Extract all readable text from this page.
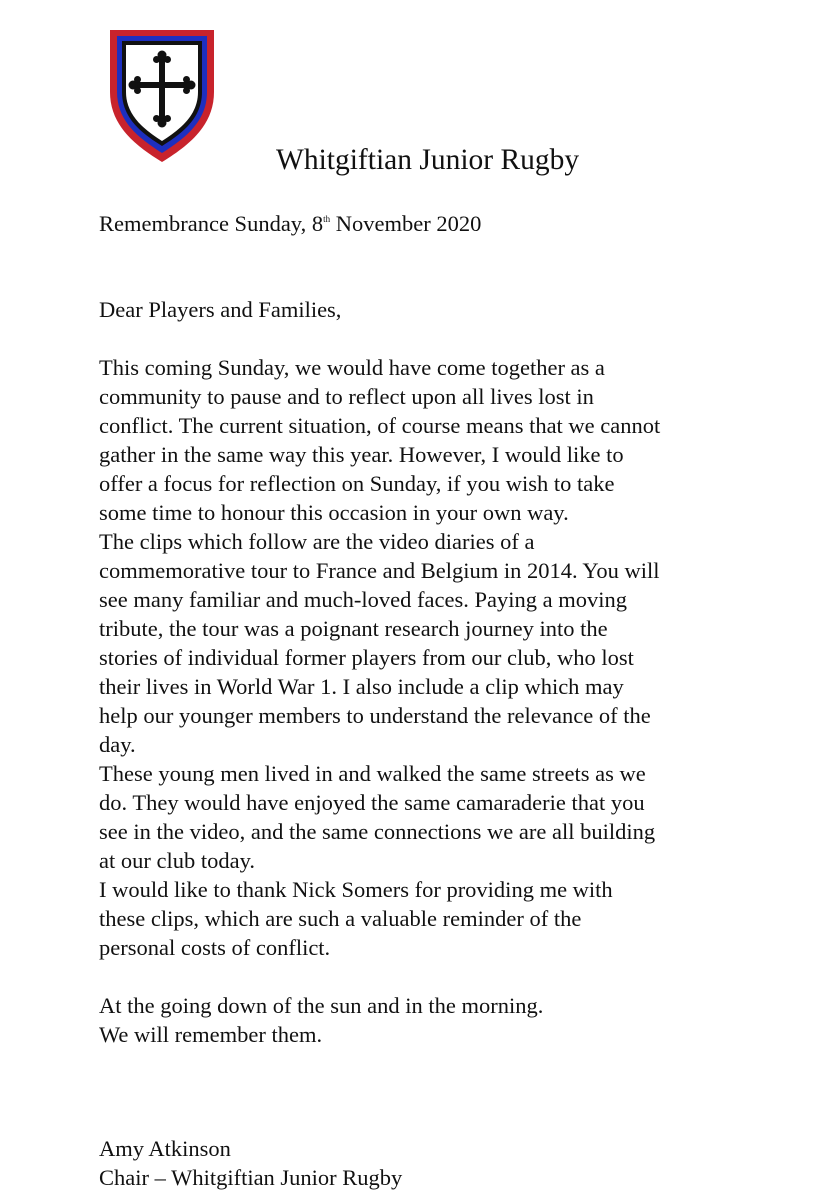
Whitgiftian Junior Rugby

Remembrance Sunday, 8th November 2020

Dear Players and Families,

This coming Sunday, we would have come together as a

community to pause and to reflect upon all lives lost in

conflict. The current situation, of course means that we cannot

gather in the same way this year. However, I would like to

offer a focus for reflection on Sunday, if you wish to take

some time to honour this occasion in your own way.

The clips which follow are the video diaries of a

commemorative tour to France and Belgium in 2014. You will

see many familiar and much-loved faces. Paying a moving

tribute, the tour was a poignant research journey into the

stories of individual former players from our club, who lost

their lives in World War 1. I also include a clip which may

help our younger members to understand the relevance of the

day.

These young men lived in and walked the same streets as we

do. They would have enjoyed the same camaraderie that you

see in the video, and the same connections we are all building

at our club today.

I would like to thank Nick Somers for providing me with

these clips, which are such a valuable reminder of the

personal costs of conflict.

At the going down of the sun and in the morning.

We will remember them.

Amy Atkinson

Chair – Whitgiftian Junior Rugby
